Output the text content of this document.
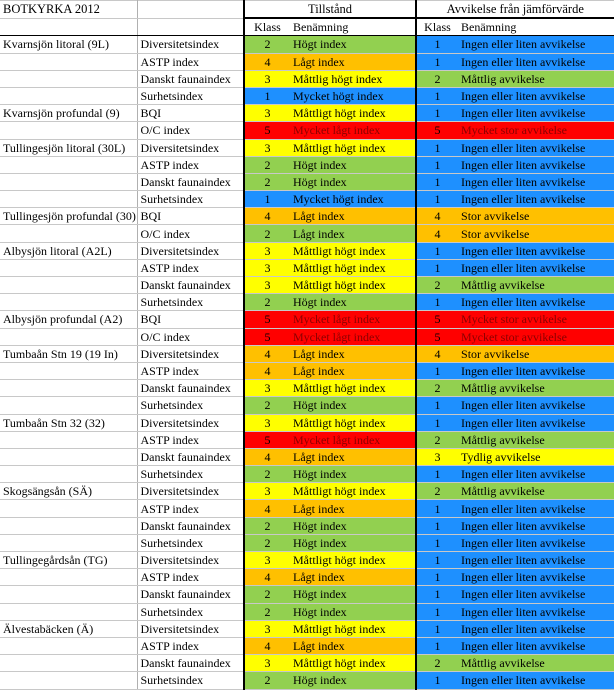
BOTKYRKA 2012		Tillstånd		Avvikelse från jämförvärde	
		Klass	Benämning	Klass	Benämning
Kvarnsjön litoral (9L)	Diversitetsindex	2	Högt index	1	Ingen eller liten avvikelse
	ASTP index	4	Lågt index	1	Ingen eller liten avvikelse
	Danskt faunaindex	3	Måttlig högt index	2	Måttlig avvikelse
	Surhetsindex	1	Mycket högt index	1	Ingen eller liten avvikelse
Kvarnsjön profundal (9)	BQI	3	Måttligt högt index	1	Ingen eller liten avvikelse
	O/C index	5	Mycket lågt index	5	Mycket stor avvikelse
Tullingesjön litoral (30L)	Diversitetsindex	3	Måttligt högt index	1	Ingen eller liten avvikelse
	ASTP index	2	Högt index	1	Ingen eller liten avvikelse
	Danskt faunaindex	2	Högt index	1	Ingen eller liten avvikelse
	Surhetsindex	1	Mycket högt index	1	Ingen eller liten avvikelse
Tullingesjön profundal (30)	BQI	4	Lågt index	4	Stor avvikelse
	O/C index	2	Lågt index	4	Stor avvikelse
Albysjön litoral (A2L)	Diversitetsindex	3	Måttligt högt index	1	Ingen eller liten avvikelse
	ASTP index	3	Måttligt högt index	1	Ingen eller liten avvikelse
	Danskt faunaindex	3	Måttligt högt index	2	Måttlig avvikelse
	Surhetsindex	2	Högt index	1	Ingen eller liten avvikelse
Albysjön profundal (A2)	BQI	5	Mycket lågt index	5	Mycket stor avvikelse
	O/C index	5	Mycket lågt index	5	Mycket stor avvikelse
Tumbaån Stn 19 (19 In)	Diversitetsindex	4	Lågt index	4	Stor avvikelse
	ASTP index	4	Lågt index	1	Ingen eller liten avvikelse
	Danskt faunaindex	3	Måttligt högt index	2	Måttlig avvikelse
	Surhetsindex	2	Högt index	1	Ingen eller liten avvikelse
Tumbaån Stn 32 (32)	Diversitetsindex	3	Måttligt högt index	1	Ingen eller liten avvikelse
	ASTP index	5	Mycket lågt index	2	Måttlig avvikelse
	Danskt faunaindex	4	Lågt index	3	Tydlig avvikelse
	Surhetsindex	2	Högt index	1	Ingen eller liten avvikelse
Skogsängsån (SÄ)	Diversitetsindex	3	Måttligt högt index	2	Måttlig avvikelse
	ASTP index	4	Lågt index	1	Ingen eller liten avvikelse
	Danskt faunaindex	2	Högt index	1	Ingen eller liten avvikelse
	Surhetsindex	2	Högt index	1	Ingen eller liten avvikelse
Tullingegårdsån (TG)	Diversitetsindex	3	Måttligt högt index	1	Ingen eller liten avvikelse
	ASTP index	4	Lågt index	1	Ingen eller liten avvikelse
	Danskt faunaindex	2	Högt index	1	Ingen eller liten avvikelse
	Surhetsindex	2	Högt index	1	Ingen eller liten avvikelse
Älvestabäcken (Ä)	Diversitetsindex	3	Måttligt högt index	1	Ingen eller liten avvikelse
	ASTP index	4	Lågt index	1	Ingen eller liten avvikelse
	Danskt faunaindex	3	Måttligt högt index	2	Måttlig avvikelse
	Surhetsindex	2	Högt index	1	Ingen eller liten avvikelse
